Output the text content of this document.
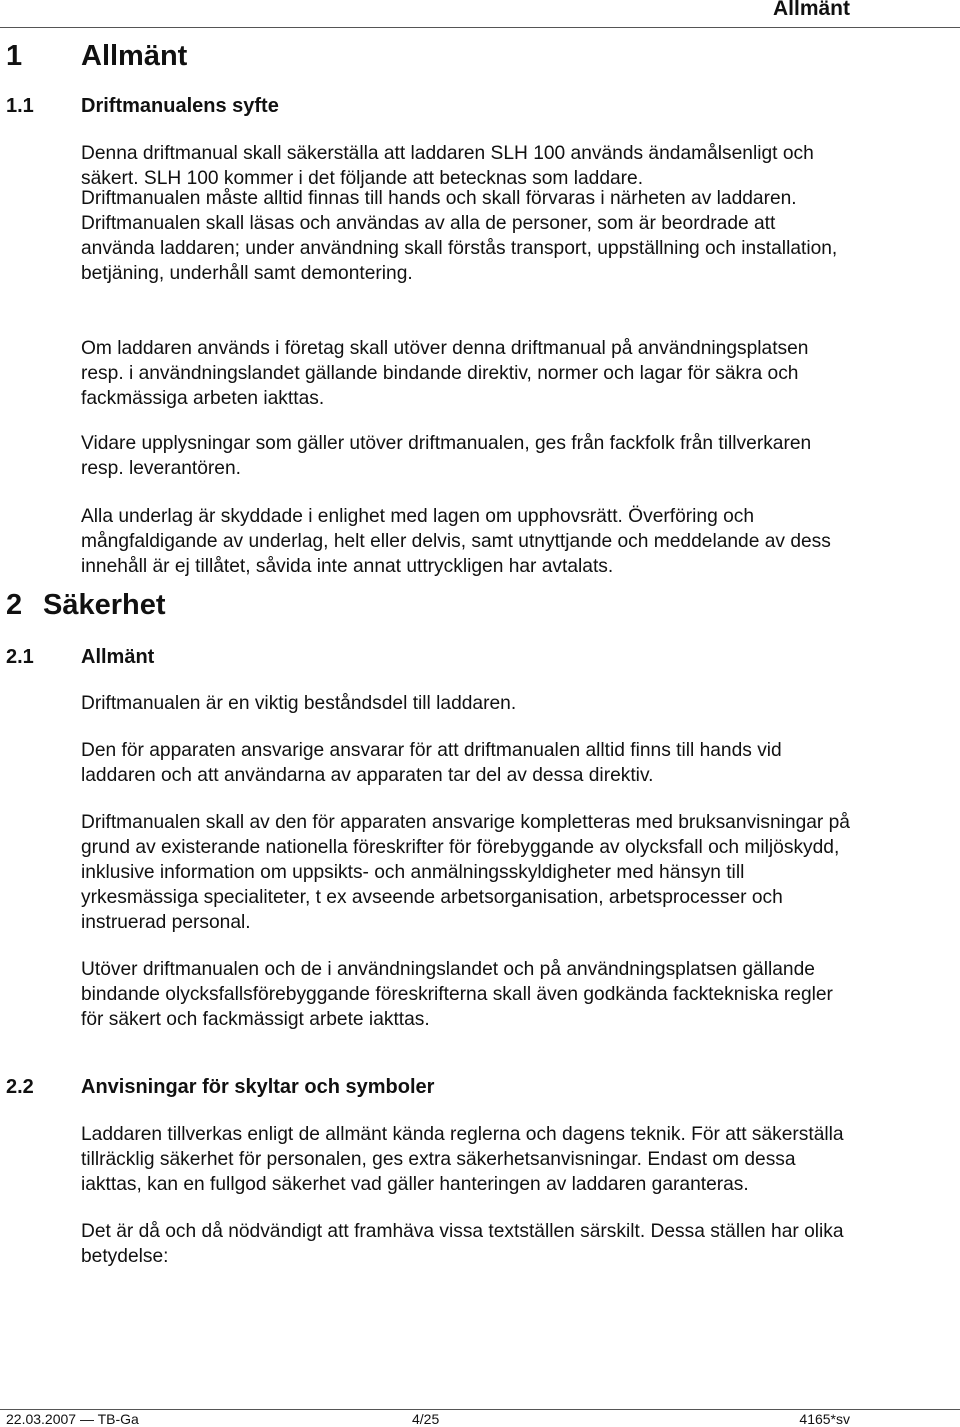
Allmänt
1 Allmänt
1.1 Driftmanualens syfte
Denna driftmanual skall säkerställa att laddaren SLH 100 används ändamålsenligt och
säkert. SLH 100 kommer i det följande att betecknas som laddare.
Driftmanualen måste alltid finnas till hands och skall förvaras i närheten av laddaren.
Driftmanualen skall läsas och användas av alla de personer, som är beordrade att
använda laddaren; under användning skall förstås transport, uppställning och installation,
betjäning, underhåll samt demontering.
Om laddaren används i företag skall utöver denna driftmanual på användningsplatsen
resp. i användningslandet gällande bindande direktiv, normer och lagar för säkra och
fackmässiga arbeten iakttas.
Vidare upplysningar som gäller utöver driftmanualen, ges från fackfolk från tillverkaren
resp. leverantören.
Alla underlag är skyddade i enlighet med lagen om upphovsrätt. Överföring och
mångfaldigande av underlag, helt eller delvis, samt utnyttjande och meddelande av dess
innehåll är ej tillåtet, såvida inte annat uttryckligen har avtalats.
2 Säkerhet
2.1 Allmänt
Driftmanualen är en viktig beståndsdel till laddaren.
Den för apparaten ansvarige ansvarar för att driftmanualen alltid finns till hands vid
laddaren och att användarna av apparaten tar del av dessa direktiv.
Driftmanualen skall av den för apparaten ansvarige kompletteras med bruksanvisningar på
grund av existerande nationella föreskrifter för förebyggande av olycksfall och miljöskydd,
inklusive information om uppsikts- och anmälningsskyldigheter med hänsyn till
yrkesmässiga specialiteter, t ex avseende arbetsorganisation, arbetsprocesser och
instruerad personal.
Utöver driftmanualen och de i användningslandet och på användningsplatsen gällande
bindande olycksfallsförebyggande föreskrifterna skall även godkända facktekniska regler
för säkert och fackmässigt arbete iakttas.
2.2 Anvisningar för skyltar och symboler
Laddaren tillverkas enligt de allmänt kända reglerna och dagens teknik. För att säkerställa
tillräcklig säkerhet för personalen, ges extra säkerhetsanvisningar. Endast om dessa
iakttas, kan en fullgod säkerhet vad gäller hanteringen av laddaren garanteras.
Det är då och då nödvändigt att framhäva vissa textställen särskilt. Dessa ställen har olika
betydelse:
22.03.2007 — TB-Ga	4/25	4165*sv
